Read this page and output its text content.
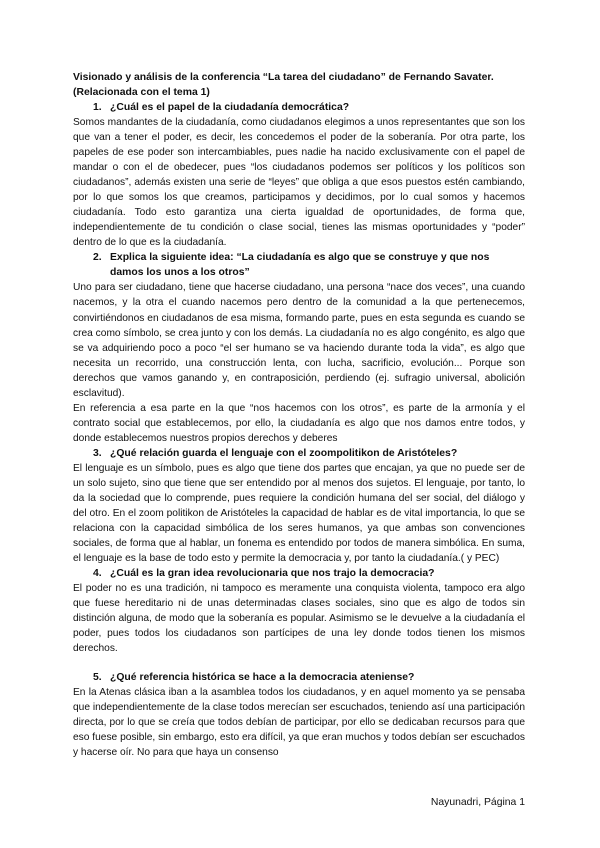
Visionado y análisis de la conferencia “La tarea del ciudadano” de Fernando Savater. (Relacionada con el tema 1)

1. ¿Cuál es el papel de la ciudadanía democrática?

Somos mandantes de la ciudadanía, como ciudadanos elegimos a unos representantes que son los que van a tener el poder, es decir, les concedemos el poder de la soberanía. Por otra parte, los papeles de ese poder son intercambiables, pues nadie ha nacido exclusivamente con el papel de mandar o con el de obedecer, pues “los ciudadanos podemos ser políticos y los políticos son ciudadanos”, además existen una serie de “leyes” que obliga a que esos puestos estén cambiando, por lo que somos los que creamos, participamos y decidimos, por lo cual somos y hacemos ciudadanía. Todo esto garantiza una cierta igualdad de oportunidades, de forma que, independientemente de tu condición o clase social, tienes las mismas oportunidades y “poder” dentro de lo que es la ciudadanía.

2. Explica la siguiente idea: “La ciudadanía es algo que se construye y que nos damos los unos a los otros”

Uno para ser ciudadano, tiene que hacerse ciudadano, una persona “nace dos veces”, una cuando nacemos, y la otra el cuando nacemos pero dentro de la comunidad a la que pertenecemos, convirtiéndonos en ciudadanos de esa misma, formando parte, pues en esta segunda es cuando se crea como símbolo, se crea junto y con los demás. La ciudadanía no es algo congénito, es algo que se va adquiriendo poco a poco “el ser humano se va haciendo durante toda la vida”, es algo que necesita un recorrido, una construcción lenta, con lucha, sacrificio, evolución... Porque son derechos que vamos ganando y, en contraposición, perdiendo (ej. sufragio universal, abolición esclavitud).

En referencia a esa parte en la que “nos hacemos con los otros”, es parte de la armonía y el contrato social que establecemos, por ello, la ciudadanía es algo que nos damos entre todos, y donde establecemos nuestros propios derechos y deberes

3. ¿Qué relación guarda el lenguaje con el zoompolitikon de Aristóteles?

El lenguaje es un símbolo, pues es algo que tiene dos partes que encajan, ya que no puede ser de un solo sujeto, sino que tiene que ser entendido por al menos dos sujetos. El lenguaje, por tanto, lo da la sociedad que lo comprende, pues requiere la condición humana del ser social, del diálogo y del otro. En el zoom politikon de Aristóteles la capacidad de hablar es de vital importancia, lo que se relaciona con la capacidad simbólica de los seres humanos, ya que ambas son convenciones sociales, de forma que al hablar, un fonema es entendido por todos de manera simbólica. En suma, el lenguaje es la base de todo esto y permite la democracia y, por tanto la ciudadanía.( y PEC)

4. ¿Cuál es la gran idea revolucionaria que nos trajo la democracia?

El poder no es una tradición, ni tampoco es meramente una conquista violenta, tampoco era algo que fuese hereditario ni de unas determinadas clases sociales, sino que es algo de todos sin distinción alguna, de modo que la soberanía es popular. Asimismo se le devuelve a la ciudadanía el poder, pues todos los ciudadanos son partícipes de una ley donde todos tienen los mismos derechos.

5. ¿Qué referencia histórica se hace a la democracia ateniense?

En la Atenas clásica iban a la asamblea todos los ciudadanos, y en aquel momento ya se pensaba que independientemente de la clase todos merecían ser escuchados, teniendo así una participación directa, por lo que se creía que todos debían de participar, por ello se dedicaban recursos para que eso fuese posible, sin embargo, esto era difícil, ya que eran muchos y todos debían ser escuchados y hacerse oír. No para que haya un consenso

Nayunadri, Página 1
